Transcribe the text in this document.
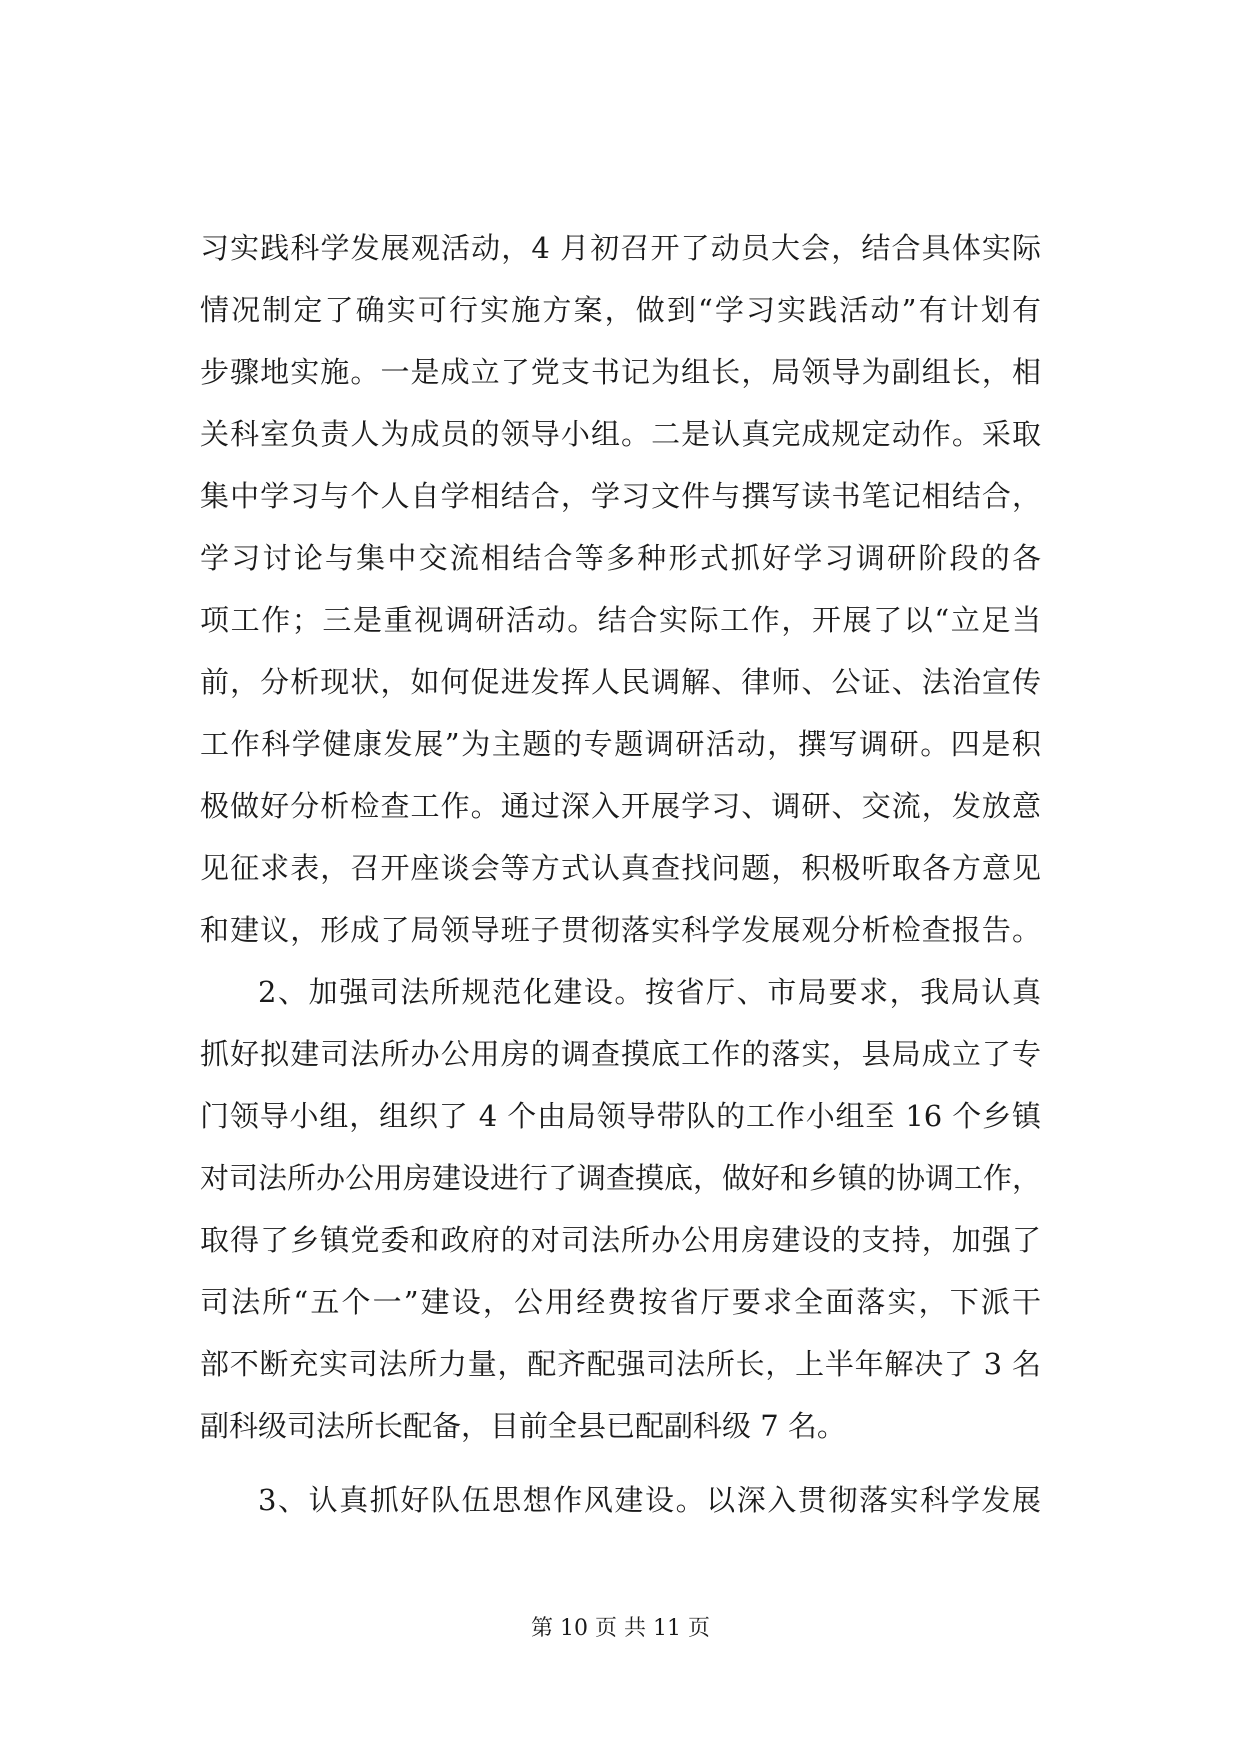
习实践科学发展观活动，4 月初召开了动员大会，结合具体实际
情况制定了确实可行实施方案，做到“学习实践活动”有计划有
步骤地实施。一是成立了党支书记为组长，局领导为副组长，相
关科室负责人为成员的领导小组。二是认真完成规定动作。采取
集中学习与个人自学相结合，学习文件与撰写读书笔记相结合，
学习讨论与集中交流相结合等多种形式抓好学习调研阶段的各
项工作；三是重视调研活动。结合实际工作，开展了以“立足当
前，分析现状，如何促进发挥人民调解、律师、公证、法治宣传
工作科学健康发展”为主题的专题调研活动，撰写调研。四是积
极做好分析检查工作。通过深入开展学习、调研、交流，发放意
见征求表，召开座谈会等方式认真查找问题，积极听取各方意见
和建议，形成了局领导班子贯彻落实科学发展观分析检查报告。
2、加强司法所规范化建设。按省厅、市局要求，我局认真
抓好拟建司法所办公用房的调查摸底工作的落实，县局成立了专
门领导小组，组织了 4 个由局领导带队的工作小组至 16 个乡镇
对司法所办公用房建设进行了调查摸底，做好和乡镇的协调工作，
取得了乡镇党委和政府的对司法所办公用房建设的支持，加强了
司法所“五个一”建设，公用经费按省厅要求全面落实，下派干
部不断充实司法所力量，配齐配强司法所长，上半年解决了 3 名
副科级司法所长配备，目前全县已配副科级 7 名。
3、认真抓好队伍思想作风建设。以深入贯彻落实科学发展
第 10 页 共 11 页
